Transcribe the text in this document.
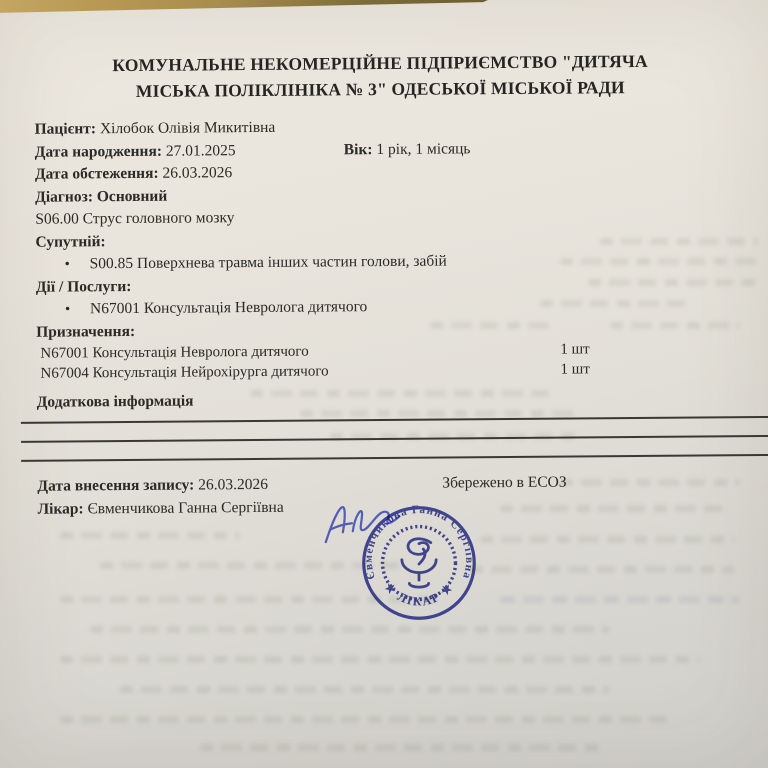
КОМУНАЛЬНЕ НЕКОМЕРЦІЙНЕ ПІДПРИЄМСТВО "ДИТЯЧА МІСЬКА ПОЛІКЛІНІКА № 3" ОДЕСЬКОЇ МІСЬКОЇ РАДИ
Пацієнт: Хілобок Олівія Микитівна
Дата народження: 27.01.2025	Вік: 1 рік, 1 місяць
Дата обстеження: 26.03.2026
Діагноз: Основний
S06.00 Струс головного мозку
Супутній:
• S00.85 Поверхнева травма інших частин голови, забій
Дії / Послуги:
• N67001 Консультація Невролога дитячого
Призначення:
N67001 Консультація Невролога дитячого	1 шт
N67004 Консультація Нейрохірурга дитячого	1 шт
Додаткова інформація
Дата внесення запису: 26.03.2026	Збережено в ЕСОЗ
Лікар: Євменчикова Ганна Сергіївна
Євменчикова Ганна Сергіївна
★ ЛІКАР ★
